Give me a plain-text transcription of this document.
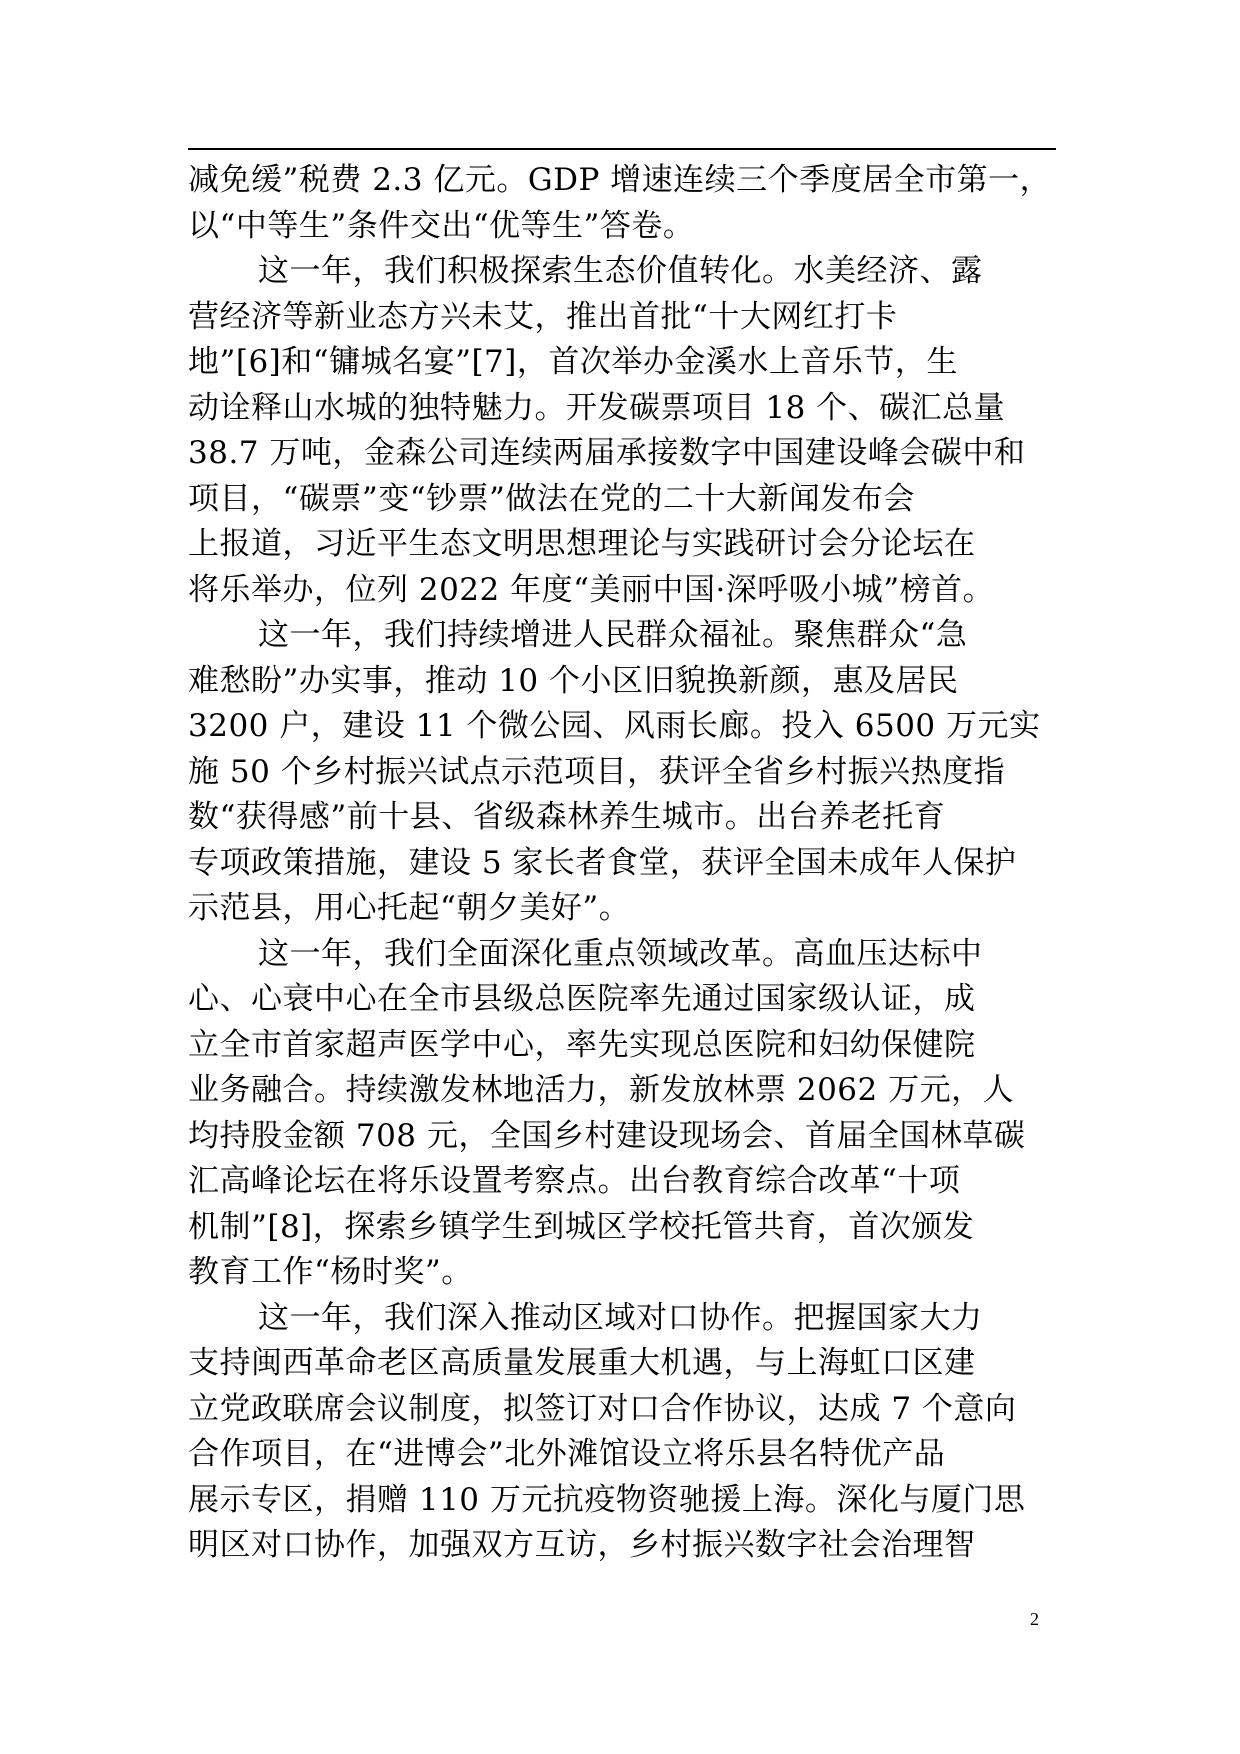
减免缓”税费 2.3 亿元。GDP 增速连续三个季度居全市第一，
以“中等生”条件交出“优等生”答卷。
这一年，我们积极探索生态价值转化。水美经济、露
营经济等新业态方兴未艾，推出首批“十大网红打卡
地”[6]和“镛城名宴”[7]，首次举办金溪水上音乐节，生
动诠释山水城的独特魅力。开发碳票项目 18 个、碳汇总量
38.7 万吨，金森公司连续两届承接数字中国建设峰会碳中和
项目，“碳票”变“钞票”做法在党的二十大新闻发布会
上报道，习近平生态文明思想理论与实践研讨会分论坛在
将乐举办，位列 2022 年度“美丽中国·深呼吸小城”榜首。
这一年，我们持续增进人民群众福祉。聚焦群众“急
难愁盼”办实事，推动 10 个小区旧貌换新颜，惠及居民
3200 户，建设 11 个微公园、风雨长廊。投入 6500 万元实
施 50 个乡村振兴试点示范项目，获评全省乡村振兴热度指
数“获得感”前十县、省级森林养生城市。出台养老托育
专项政策措施，建设 5 家长者食堂，获评全国未成年人保护
示范县，用心托起“朝夕美好”。
这一年，我们全面深化重点领域改革。高血压达标中
心、心衰中心在全市县级总医院率先通过国家级认证，成
立全市首家超声医学中心，率先实现总医院和妇幼保健院
业务融合。持续激发林地活力，新发放林票 2062 万元，人
均持股金额 708 元，全国乡村建设现场会、首届全国林草碳
汇高峰论坛在将乐设置考察点。出台教育综合改革“十项
机制”[8]，探索乡镇学生到城区学校托管共育，首次颁发
教育工作“杨时奖”。
这一年，我们深入推动区域对口协作。把握国家大力
支持闽西革命老区高质量发展重大机遇，与上海虹口区建
立党政联席会议制度，拟签订对口合作协议，达成 7 个意向
合作项目，在“进博会”北外滩馆设立将乐县名特优产品
展示专区，捐赠 110 万元抗疫物资驰援上海。深化与厦门思
明区对口协作，加强双方互访，乡村振兴数字社会治理智
2
